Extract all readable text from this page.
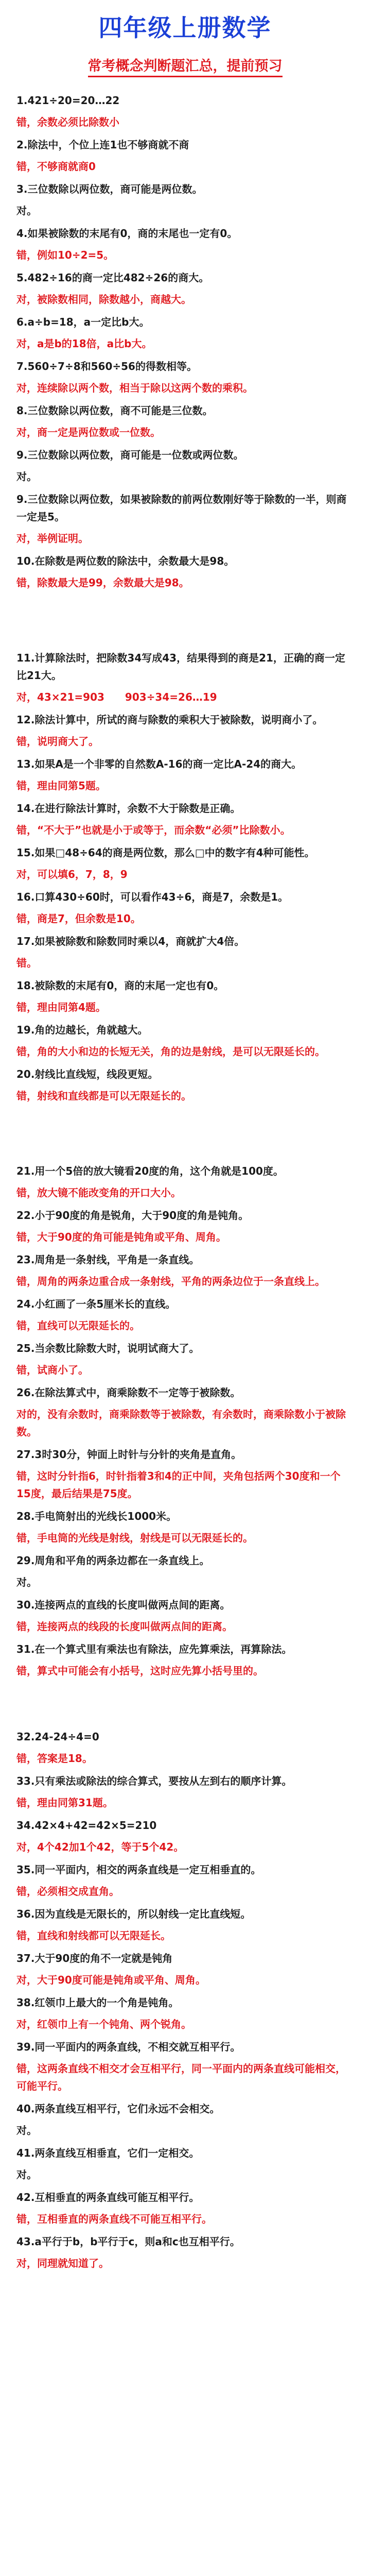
四年级上册数学
常考概念判断题汇总，提前预习

1.421÷20=20…22

错，余数必须比除数小

2.除法中，个位上连1也不够商就不商

错，不够商就商0

3.三位数除以两位数，商可能是两位数。

对。

4.如果被除数的末尾有0，商的末尾也一定有0。

错，例如10÷2=5。

5.482÷16的商一定比482÷26的商大。

对，被除数相同，除数越小，商越大。

6.a÷b=18，a一定比b大。

对，a是b的18倍，a比b大。

7.560÷7÷8和560÷56的得数相等。

对，连续除以两个数，相当于除以这两个数的乘积。

8.三位数除以两位数，商不可能是三位数。

对，商一定是两位数或一位数。

9.三位数除以两位数，商可能是一位数或两位数。

对。

9.三位数除以两位数，如果被除数的前两位数刚好等于除数的一半，则商一定是5。

对，举例证明。

10.在除数是两位数的除法中，余数最大是98。

错，除数最大是99，余数最大是98。

11.计算除法时，把除数34写成43，结果得到的商是21，正确的商一定比21大。

对，43×21=903　　903÷34=26…19

12.除法计算中，所试的商与除数的乘积大于被除数，说明商小了。

错，说明商大了。

13.如果A是一个非零的自然数A-16的商一定比A-24的商大。

错，理由同第5题。

14.在进行除法计算时，余数不大于除数是正确。

错，“不大于”也就是小于或等于，而余数“必须”比除数小。

15.如果□48÷64的商是两位数，那么□中的数字有4种可能性。

对，可以填6，7，8，9

16.口算430÷60时，可以看作43÷6，商是7，余数是1。

错，商是7，但余数是10。

17.如果被除数和除数同时乘以4，商就扩大4倍。

错。

18.被除数的末尾有0，商的末尾一定也有0。

错，理由同第4题。

19.角的边越长，角就越大。

错，角的大小和边的长短无关，角的边是射线，是可以无限延长的。

20.射线比直线短，线段更短。

错，射线和直线都是可以无限延长的。

21.用一个5倍的放大镜看20度的角，这个角就是100度。

错，放大镜不能改变角的开口大小。

22.小于90度的角是锐角，大于90度的角是钝角。

错，大于90度的角可能是钝角或平角、周角。

23.周角是一条射线，平角是一条直线。

错，周角的两条边重合成一条射线，平角的两条边位于一条直线上。

24.小红画了一条5厘米长的直线。

错，直线可以无限延长的。

25.当余数比除数大时，说明试商大了。

错，试商小了。

26.在除法算式中，商乘除数不一定等于被除数。

对的，没有余数时，商乘除数等于被除数，有余数时，商乘除数小于被除数。

27.3时30分，钟面上时针与分针的夹角是直角。

错，这时分针指6，时针指着3和4的正中间，夹角包括两个30度和一个15度，最后结果是75度。

28.手电筒射出的光线长1000米。

错，手电筒的光线是射线，射线是可以无限延长的。

29.周角和平角的两条边都在一条直线上。

对。

30.连接两点的直线的长度叫做两点间的距离。

错，连接两点的线段的长度叫做两点间的距离。

31.在一个算式里有乘法也有除法，应先算乘法，再算除法。

错，算式中可能会有小括号，这时应先算小括号里的。

32.24-24÷4=0

错，答案是18。

33.只有乘法或除法的综合算式，要按从左到右的顺序计算。

错，理由同第31题。

34.42×4+42=42×5=210

对，4个42加1个42，等于5个42。

35.同一平面内，相交的两条直线是一定互相垂直的。

错，必须相交成直角。

36.因为直线是无限长的，所以射线一定比直线短。

错，直线和射线都可以无限延长。

37.大于90度的角不一定就是钝角

对，大于90度可能是钝角或平角、周角。

38.红领巾上最大的一个角是钝角。

对，红领巾上有一个钝角、两个锐角。

39.同一平面内的两条直线，不相交就互相平行。

错，这两条直线不相交才会互相平行，同一平面内的两条直线可能相交，可能平行。

40.两条直线互相平行，它们永远不会相交。

对。

41.两条直线互相垂直，它们一定相交。

对。

42.互相垂直的两条直线可能互相平行。

错，互相垂直的两条直线不可能互相平行。

43.a平行于b，b平行于c，则a和c也互相平行。

对，同理就知道了。
